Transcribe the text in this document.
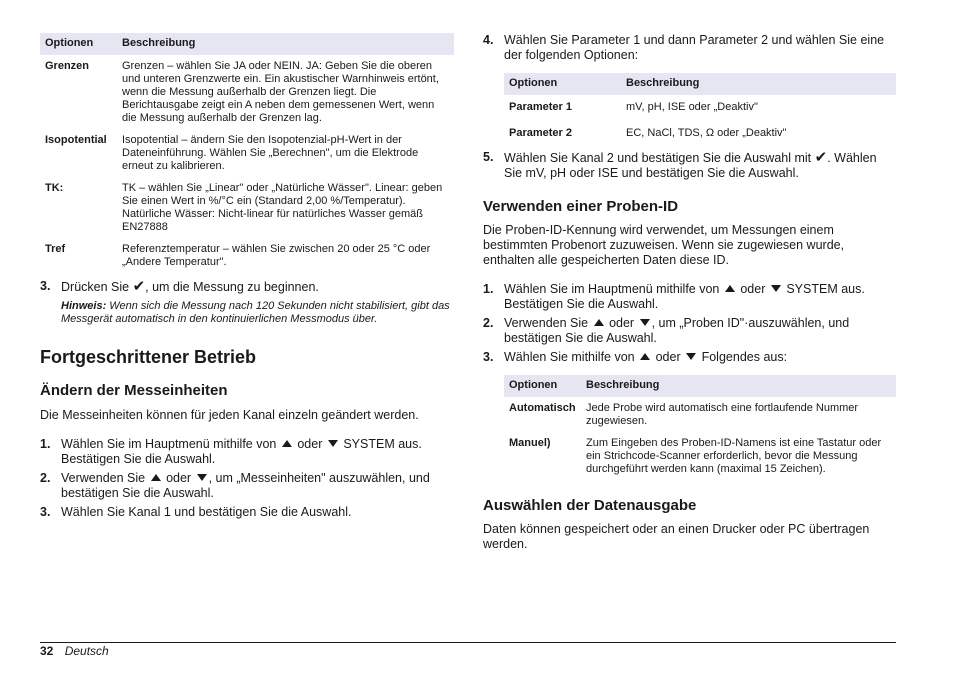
Optionen	Beschreibung
Grenzen	Grenzen – wählen Sie JA oder NEIN. JA: Geben Sie die oberen und unteren Grenzwerte ein. Ein akustischer Warnhinweis ertönt, wenn die Messung außerhalb der Grenzen liegt. Die Berichtausgabe zeigt ein A neben dem gemessenen Wert, wenn die Messung außerhalb der Grenzen lag.
Isopotential	Isopotential – ändern Sie den Isopotenzial-pH-Wert in der Dateneinführung. Wählen Sie „Berechnen", um die Elektrode erneut zu kalibrieren.
TK:	TK – wählen Sie „Linear" oder „Natürliche Wässer". Linear: geben Sie einen Wert in %/°C ein (Standard 2,00 %/Temperatur). Natürliche Wässer: Nicht-linear für natürliches Wasser gemäß EN27888
Tref	Referenztemperatur – wählen Sie zwischen 20 oder 25 °C oder „Andere Temperatur".
3. Drücken Sie ✔, um die Messung zu beginnen.
Hinweis: Wenn sich die Messung nach 120 Sekunden nicht stabilisiert, gibt das Messgerät automatisch in den kontinuierlichen Messmodus über.
Fortgeschrittener Betrieb
Ändern der Messeinheiten

Die Messeinheiten können für jeden Kanal einzeln geändert werden.

1. Wählen Sie im Hauptmenü mithilfe von oder SYSTEM aus. Bestätigen Sie die Auswahl.
2. Verwenden Sie oder , um „Messeinheiten" auszuwählen, und bestätigen Sie die Auswahl.
3. Wählen Sie Kanal 1 und bestätigen Sie die Auswahl.
4. Wählen Sie Parameter 1 und dann Parameter 2 und wählen Sie eine der folgenden Optionen:
Optionen	Beschreibung
Parameter 1	mV, pH, ISE oder „Deaktiv"
Parameter 2	EC, NaCl, TDS, Ω oder „Deaktiv"
5. Wählen Sie Kanal 2 und bestätigen Sie die Auswahl mit ✔. Wählen Sie mV, pH oder ISE und bestätigen Sie die Auswahl.
Verwenden einer Proben-ID

Die Proben-ID-Kennung wird verwendet, um Messungen einem bestimmten Probenort zuzuweisen. Wenn sie zugewiesen wurde, enthalten alle gespeicherten Daten diese ID.

1. Wählen Sie im Hauptmenü mithilfe von oder SYSTEM aus. Bestätigen Sie die Auswahl.
2. Verwenden Sie oder , um „Proben ID"·auszuwählen, und bestätigen Sie die Auswahl.
3. Wählen Sie mithilfe von oder Folgendes aus:
Optionen	Beschreibung
Automatisch	Jede Probe wird automatisch eine fortlaufende Nummer zugewiesen.
Manuel)	Zum Eingeben des Proben-ID-Namens ist eine Tastatur oder ein Strichcode-Scanner erforderlich, bevor die Messung durchgeführt werden kann (maximal 15 Zeichen).
Auswählen der Datenausgabe

Daten können gespeichert oder an einen Drucker oder PC übertragen werden.

32 Deutsch
